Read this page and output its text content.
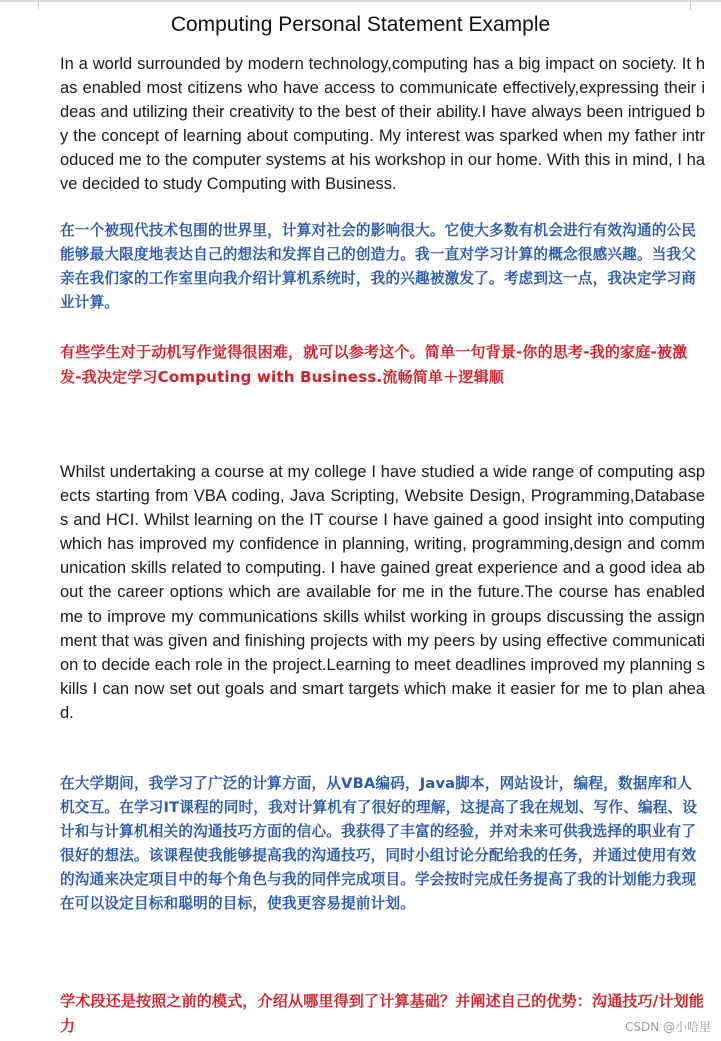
Computing Personal Statement Example
In a world surrounded by modern technology,computing has a big impact on society. It has enabled most citizens who have access to communicate effectively,expressing their ideas and utilizing their creativity to the best of their ability.I have always been intrigued by the concept of learning about computing. My interest was sparked when my father introduced me to the computer systems at his workshop in our home. With this in mind, I have decided to study Computing with Business.
在一个被现代技术包围的世界里，计算对社会的影响很大。它使大多数有机会进行有效沟通的公民能够最大限度地表达自己的想法和发挥自己的创造力。我一直对学习计算的概念很感兴趣。当我父亲在我们家的工作室里向我介绍计算机系统时，我的兴趣被激发了。考虑到这一点，我决定学习商业计算。
有些学生对于动机写作觉得很困难，就可以参考这个。简单一句背景-你的思考-我的家庭-被激发-我决定学习Computing with Business.流畅简单＋逻辑顺
Whilst undertaking a course at my college I have studied a wide range of computing aspects starting from VBA coding, Java Scripting, Website Design, Programming,Databases and HCI. Whilst learning on the IT course I have gained a good insight into computing which has improved my confidence in planning, writing, programming,design and communication skills related to computing. I have gained great experience and a good idea about the career options which are available for me in the future.The course has enabled me to improve my communications skills whilst working in groups discussing the assignment that was given and finishing projects with my peers by using effective communication to decide each role in the project.Learning to meet deadlines improved my planning skills I can now set out goals and smart targets which make it easier for me to plan ahead.
在大学期间，我学习了广泛的计算方面，从VBA编码，Java脚本，网站设计，编程，数据库和人机交互。在学习IT课程的同时，我对计算机有了很好的理解，这提高了我在规划、写作、编程、设计和与计算机相关的沟通技巧方面的信心。我获得了丰富的经验，并对未来可供我选择的职业有了很好的想法。该课程使我能够提高我的沟通技巧，同时小组讨论分配给我的任务，并通过使用有效的沟通来决定项目中的每个角色与我的同伴完成项目。学会按时完成任务提高了我的计划能力我现在可以设定目标和聪明的目标，使我更容易提前计划。
学术段还是按照之前的模式，介绍从哪里得到了计算基础？并阐述自己的优势：沟通技巧/计划能力	CSDN @小哈里
